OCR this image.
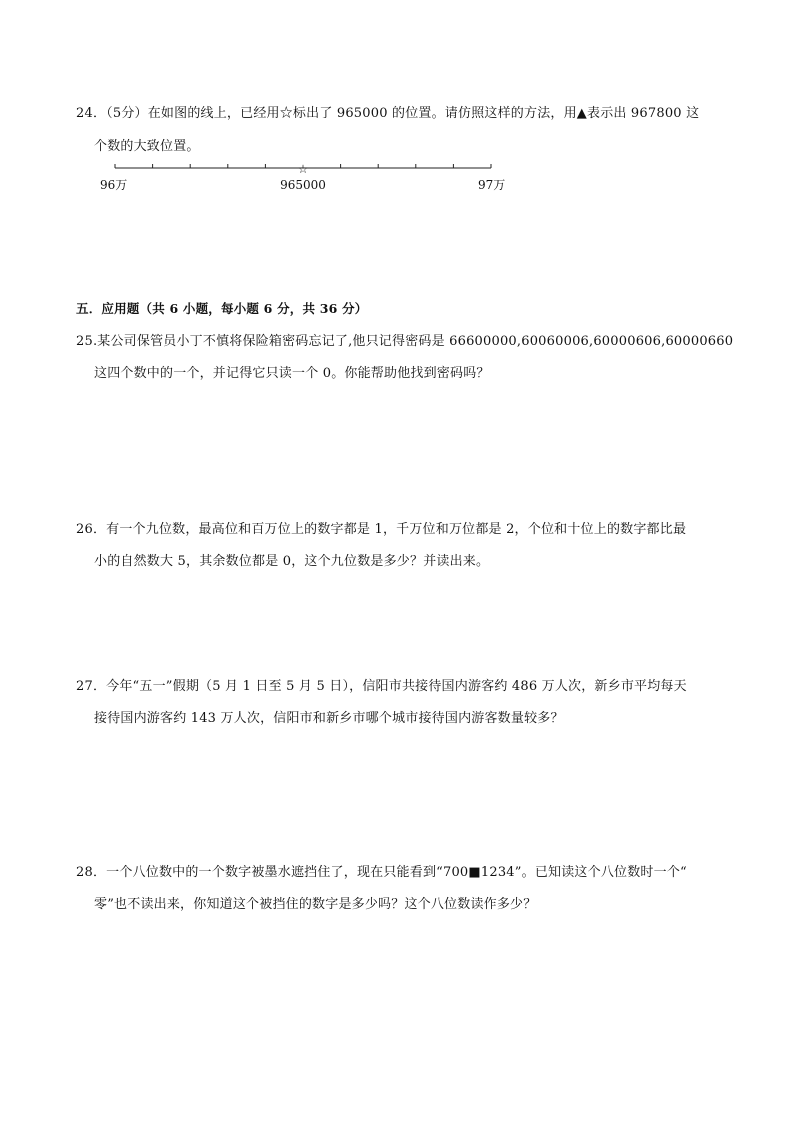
24．（5分）在如图的线上，已经用☆标出了 965000 的位置。请仿照这样的方法，用▲表示出 967800 这
个数的大致位置。
☆
96万	965000	97万
五．应用题（共 6 小题，每小题 6 分，共 36 分）
25.某公司保管员小丁不慎将保险箱密码忘记了,他只记得密码是 66600000,60060006,60000606,60000660
这四个数中的一个，并记得它只读一个 0。你能帮助他找到密码吗？
26．有一个九位数，最高位和百万位上的数字都是 1，千万位和万位都是 2，个位和十位上的数字都比最
小的自然数大 5，其余数位都是 0，这个九位数是多少？并读出来。
27．今年“五一”假期（5 月 1 日至 5 月 5 日），信阳市共接待国内游客约 486 万人次，新乡市平均每天
接待国内游客约 143 万人次，信阳市和新乡市哪个城市接待国内游客数量较多？
28．一个八位数中的一个数字被墨水遮挡住了，现在只能看到“700■1234”。已知读这个八位数时一个“
零”也不读出来，你知道这个被挡住的数字是多少吗？这个八位数读作多少？
